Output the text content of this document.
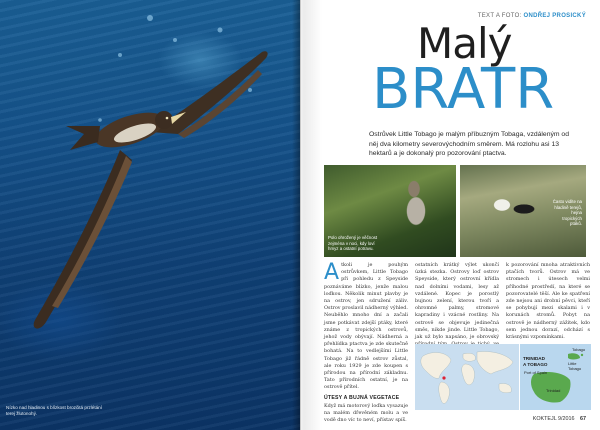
Nízko nad hladinou s blízkost brozčitá przlétání terej žlutonohý.
TEXT A FOTO: ONDŘEJ PROSICKÝ
Malý
BRATR
Ostrůvek Little Tobago je malým příbuzným Tobaga, vzdáleným od něj dva kilometry severovýchodním směrem. Má rozlohu asi 13 hektarů a je dokonalý pro pozorování ptactva.
Polo ohrožený je věčnost zejména v noci, kdy loví hmyz a ostatní potravu.
Často vidíte na hladině terejů, hejna tropických ptáků.
A tkoli je pouhým ostrůvkem, Little Tobago při pohledu z Speyside poznáváme blízko, jenže malou loďkou. Několik minut plavby je na ostrov, jen sdružení záliv. Ostrov proslavil nádherný výhled. Neuběhlo mnoho dní a začali jsme potkávat zdejší ptáky, které známe z tropických ostrovů, jehož vody obývají. Nádherná a přehlídka ptactva je zde skutečně bohatá. Na to vedlejšími Little Tobago již řádně ostrov zůstal, ale roku 1929 je zde koupen s přírodou na přírodní základnu. Tato přírodních ostatní, je na ostrově přítel.
ÚTESY A BUJNÁ VEGETACE
Když má motorový loďka vysazuje na malém dřevěném molu a ve vodě dno víc to neví, přístav spíš.
ostatních krátký výlet ukončí úzká stezka. Ostrovy loď ostrov Speyside, který ostrovní křídla nad dolními vodami, lesy až vzdálené. Kopec je porostlý bujnou zelení, kterou tvoří a ohromné palmy, stromové kapradiny i vzácné rostliny. Na ostrově se objevuje jedinečná směs, nikde jinde. Little Tobago, jak už bylo napsáno, je obrovský
k pozorování mnoha atraktivních ptačích tvorů. Ostrov má ve stromech i útesech velmi příhodné prostředí, na které se pozorovatelé těší. Ale ke spatření zde nejsou ani drobní pěvci, kteří se pohybují mezi skalami i v korunách stromů. Pobyt na ostrově je nádherný zážitek, kdo sem jednou dorazí, odchází s krásnými vzpomínkami.
TRINIDAD
A TOBAGO
Tobago
Little Tobago
Port of Spain
Trinidad
KOKTEJL 9/2016 67
